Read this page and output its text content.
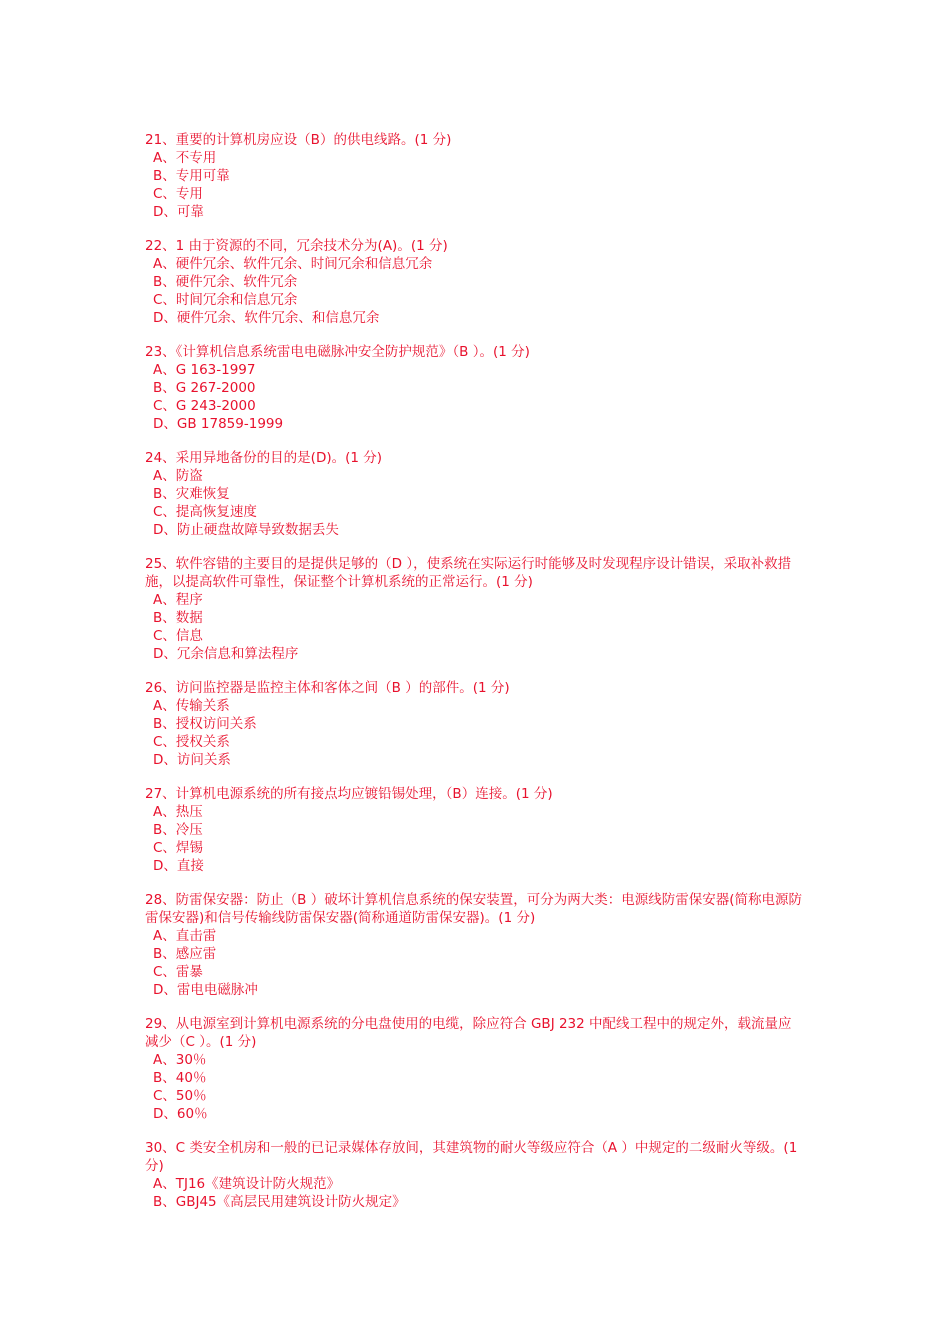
21、重要的计算机房应设（B）的供电线路。(1 分)

A、不专用
B、专用可靠
C、专用
D、可靠

22、1 由于资源的不同，冗余技术分为(A)。(1 分)

A、硬件冗余、软件冗余、时间冗余和信息冗余
B、硬件冗余、软件冗余
C、时间冗余和信息冗余
D、硬件冗余、软件冗余、和信息冗余

23、《计算机信息系统雷电电磁脉冲安全防护规范》（B ）。(1 分)

A、G 163-1997
B、G 267-2000
C、G 243-2000
D、GB 17859-1999

24、采用异地备份的目的是(D)。(1 分)

A、防盗
B、灾难恢复
C、提高恢复速度
D、防止硬盘故障导致数据丢失

25、软件容错的主要目的是提供足够的（D ），使系统在实际运行时能够及时发现程序设计错误，采取补救措施，以提高软件可靠性，保证整个计算机系统的正常运行。(1 分)

A、程序
B、数据
C、信息
D、冗余信息和算法程序

26、访问监控器是监控主体和客体之间（B ）的部件。(1 分)

A、传输关系
B、授权访问关系
C、授权关系
D、访问关系

27、计算机电源系统的所有接点均应镀铅锡处理，（B）连接。(1 分)

A、热压
B、冷压
C、焊锡
D、直接

28、防雷保安器：防止（B ）破坏计算机信息系统的保安装置，可分为两大类：电源线防雷保安器(简称电源防雷保安器)和信号传输线防雷保安器(简称通道防雷保安器)。(1 分)

A、直击雷
B、感应雷
C、雷暴
D、雷电电磁脉冲

29、从电源室到计算机电源系统的分电盘使用的电缆，除应符合 GBJ 232 中配线工程中的规定外，载流量应减少（C ）。(1 分)

A、30％
B、40％
C、50％
D、60％

30、C 类安全机房和一般的已记录媒体存放间，其建筑物的耐火等级应符合（A ）中规定的二级耐火等级。(1 分)

A、TJ16《建筑设计防火规范》
B、GBJ45《高层民用建筑设计防火规定》
